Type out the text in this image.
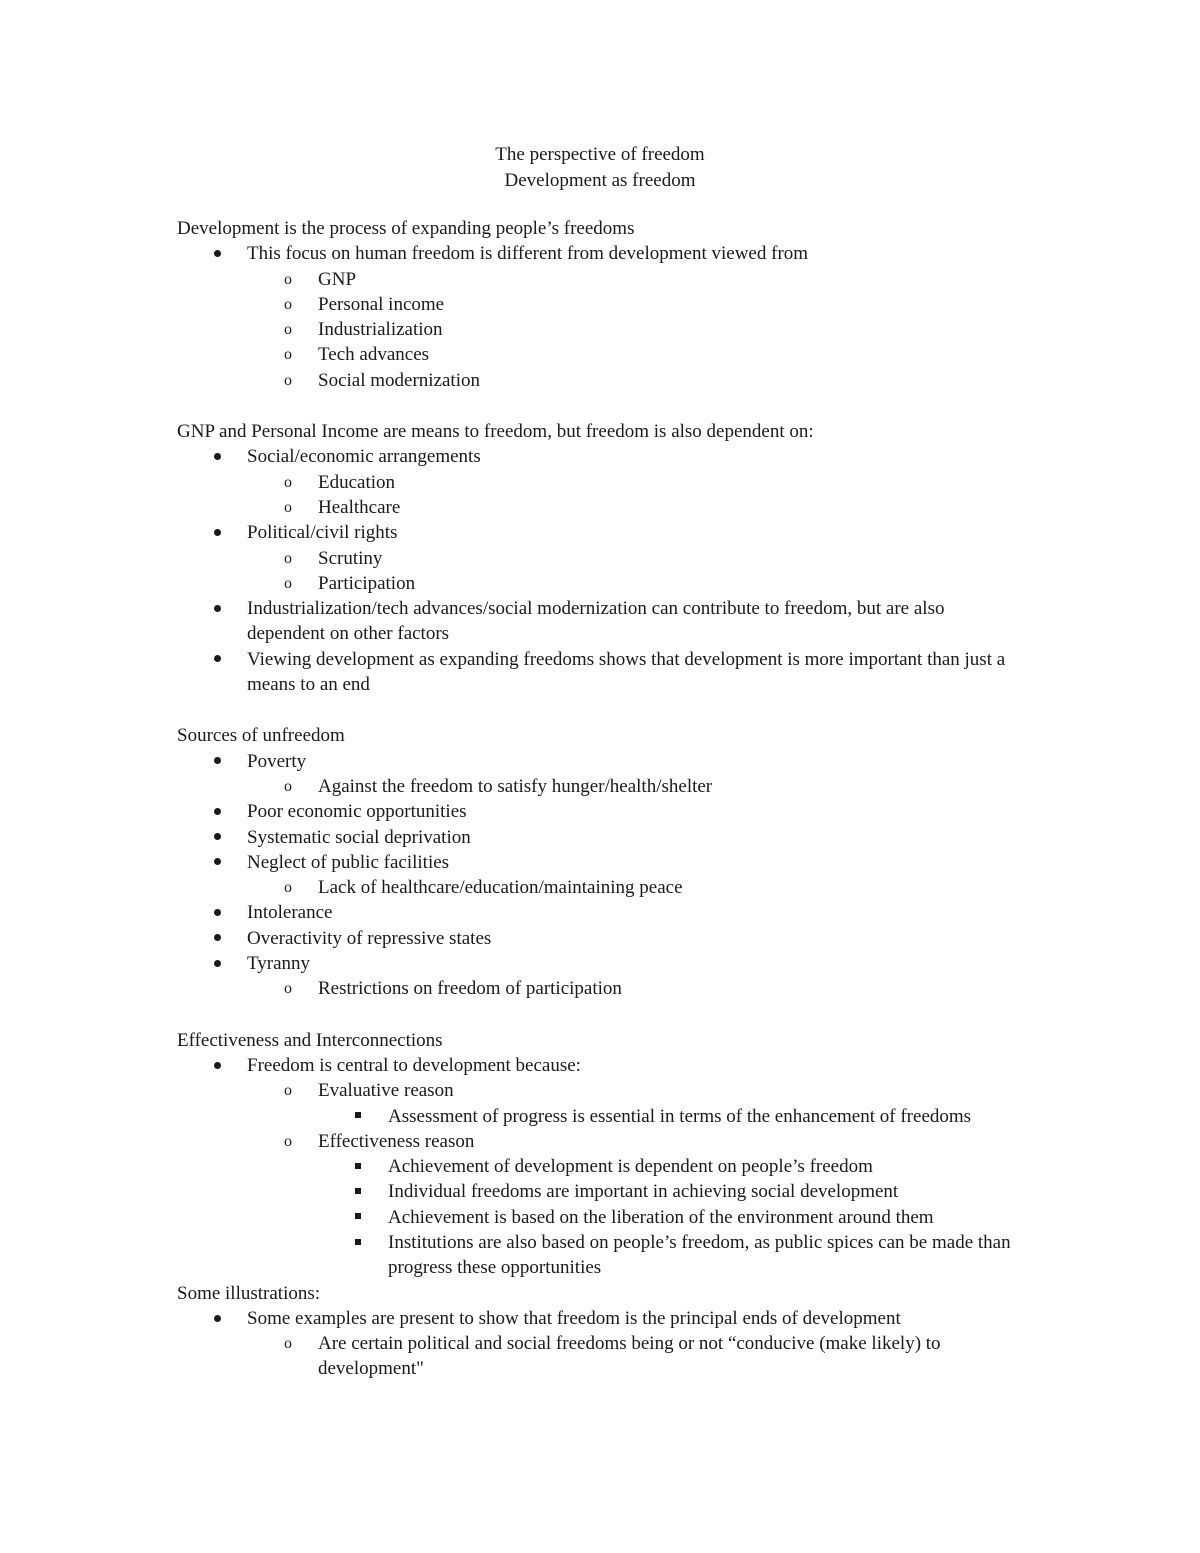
The perspective of freedom
Development as freedom
Development is the process of expanding people’s freedoms
This focus on human freedom is different from development viewed from
o GNP
o Personal income
o Industrialization
o Tech advances
o Social modernization
GNP and Personal Income are means to freedom, but freedom is also dependent on:
Social/economic arrangements
o Education
o Healthcare
Political/civil rights
o Scrutiny
o Participation
Industrialization/tech advances/social modernization can contribute to freedom, but are also dependent on other factors
Viewing development as expanding freedoms shows that development is more important than just a means to an end
Sources of unfreedom
Poverty
o Against the freedom to satisfy hunger/health/shelter
Poor economic opportunities
Systematic social deprivation
Neglect of public facilities
o Lack of healthcare/education/maintaining peace
Intolerance
Overactivity of repressive states
Tyranny
o Restrictions on freedom of participation
Effectiveness and Interconnections
Freedom is central to development because:
o Evaluative reason
Assessment of progress is essential in terms of the enhancement of freedoms
o Effectiveness reason
Achievement of development is dependent on people’s freedom
Individual freedoms are important in achieving social development
Achievement is based on the liberation of the environment around them
Institutions are also based on people’s freedom, as public spices can be made than progress these opportunities
Some illustrations:
Some examples are present to show that freedom is the principal ends of development
o Are certain political and social freedoms being or not “conducive (make likely) to development"
